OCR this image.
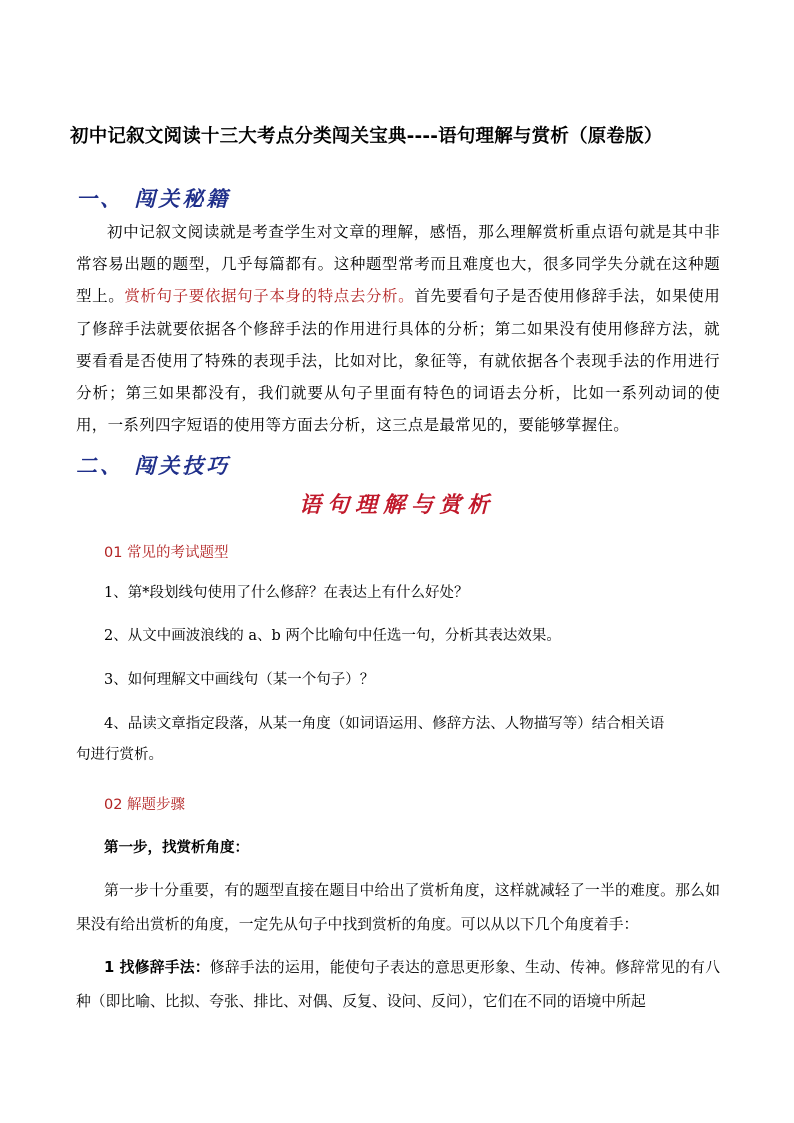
初中记叙文阅读十三大考点分类闯关宝典----语句理解与赏析（原卷版）
一、 闯关秘籍
初中记叙文阅读就是考查学生对文章的理解，感悟，那么理解赏析重点语句就是其中非常容易出题的题型，几乎每篇都有。这种题型常考而且难度也大，很多同学失分就在这种题型上。赏析句子要依据句子本身的特点去分析。首先要看句子是否使用修辞手法，如果使用了修辞手法就要依据各个修辞手法的作用进行具体的分析；第二如果没有使用修辞方法，就要看看是否使用了特殊的表现手法，比如对比，象征等，有就依据各个表现手法的作用进行分析；第三如果都没有，我们就要从句子里面有特色的词语去分析，比如一系列动词的使用，一系列四字短语的使用等方面去分析，这三点是最常见的，要能够掌握住。
二、 闯关技巧
语句理解与赏析
01 常见的考试题型
1、第*段划线句使用了什么修辞？在表达上有什么好处？
2、从文中画波浪线的 a、b 两个比喻句中任选一句，分析其表达效果。
3、如何理解文中画线句（某一个句子）？
4、品读文章指定段落，从某一角度（如词语运用、修辞方法、人物描写等）结合相关语
句进行赏析。
02 解题步骤
第一步，找赏析角度：
第一步十分重要，有的题型直接在题目中给出了赏析角度，这样就减轻了一半的难度。那么如果没有给出赏析的角度，一定先从句子中找到赏析的角度。可以从以下几个角度着手：
1 找修辞手法：修辞手法的运用，能使句子表达的意思更形象、生动、传神。修辞常见的有八种（即比喻、比拟、夸张、排比、对偶、反复、设问、反问），它们在不同的语境中所起
